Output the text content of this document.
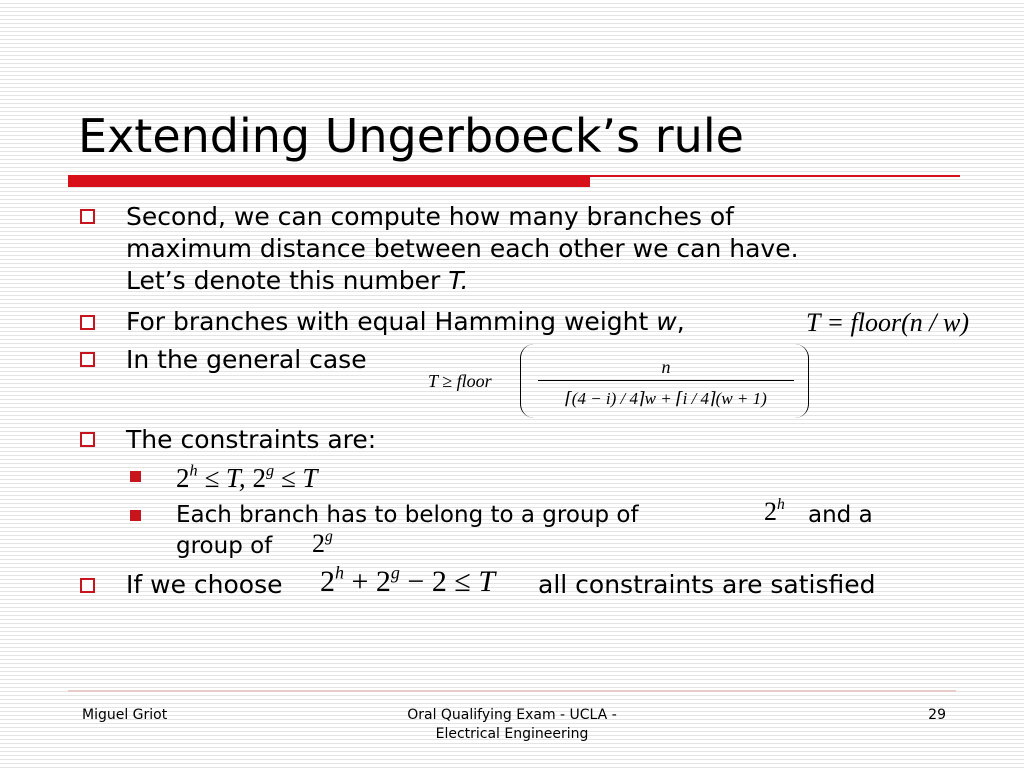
Extending Ungerboeck’s rule
Second, we can compute how many branches of
maximum distance between each other we can have.
Let’s denote this number T.
For branches with equal Hamming weight w,	T = floor(n / w)
In the general case
T ≥ floor
n
⌈(4 − i) / 4⌉w + ⌈i / 4⌉(w + 1)
The constraints are:
$2^h \le T$, $2^g \le T$
Each branch has to belong to a group of	2$^h$ and a
group of 2$^g$
If we choose $2^h + 2^g - 2 \le T$ all constraints are satisfied
Miguel Griot	Oral Qualifying Exam - UCLA -
Electrical Engineering
29
